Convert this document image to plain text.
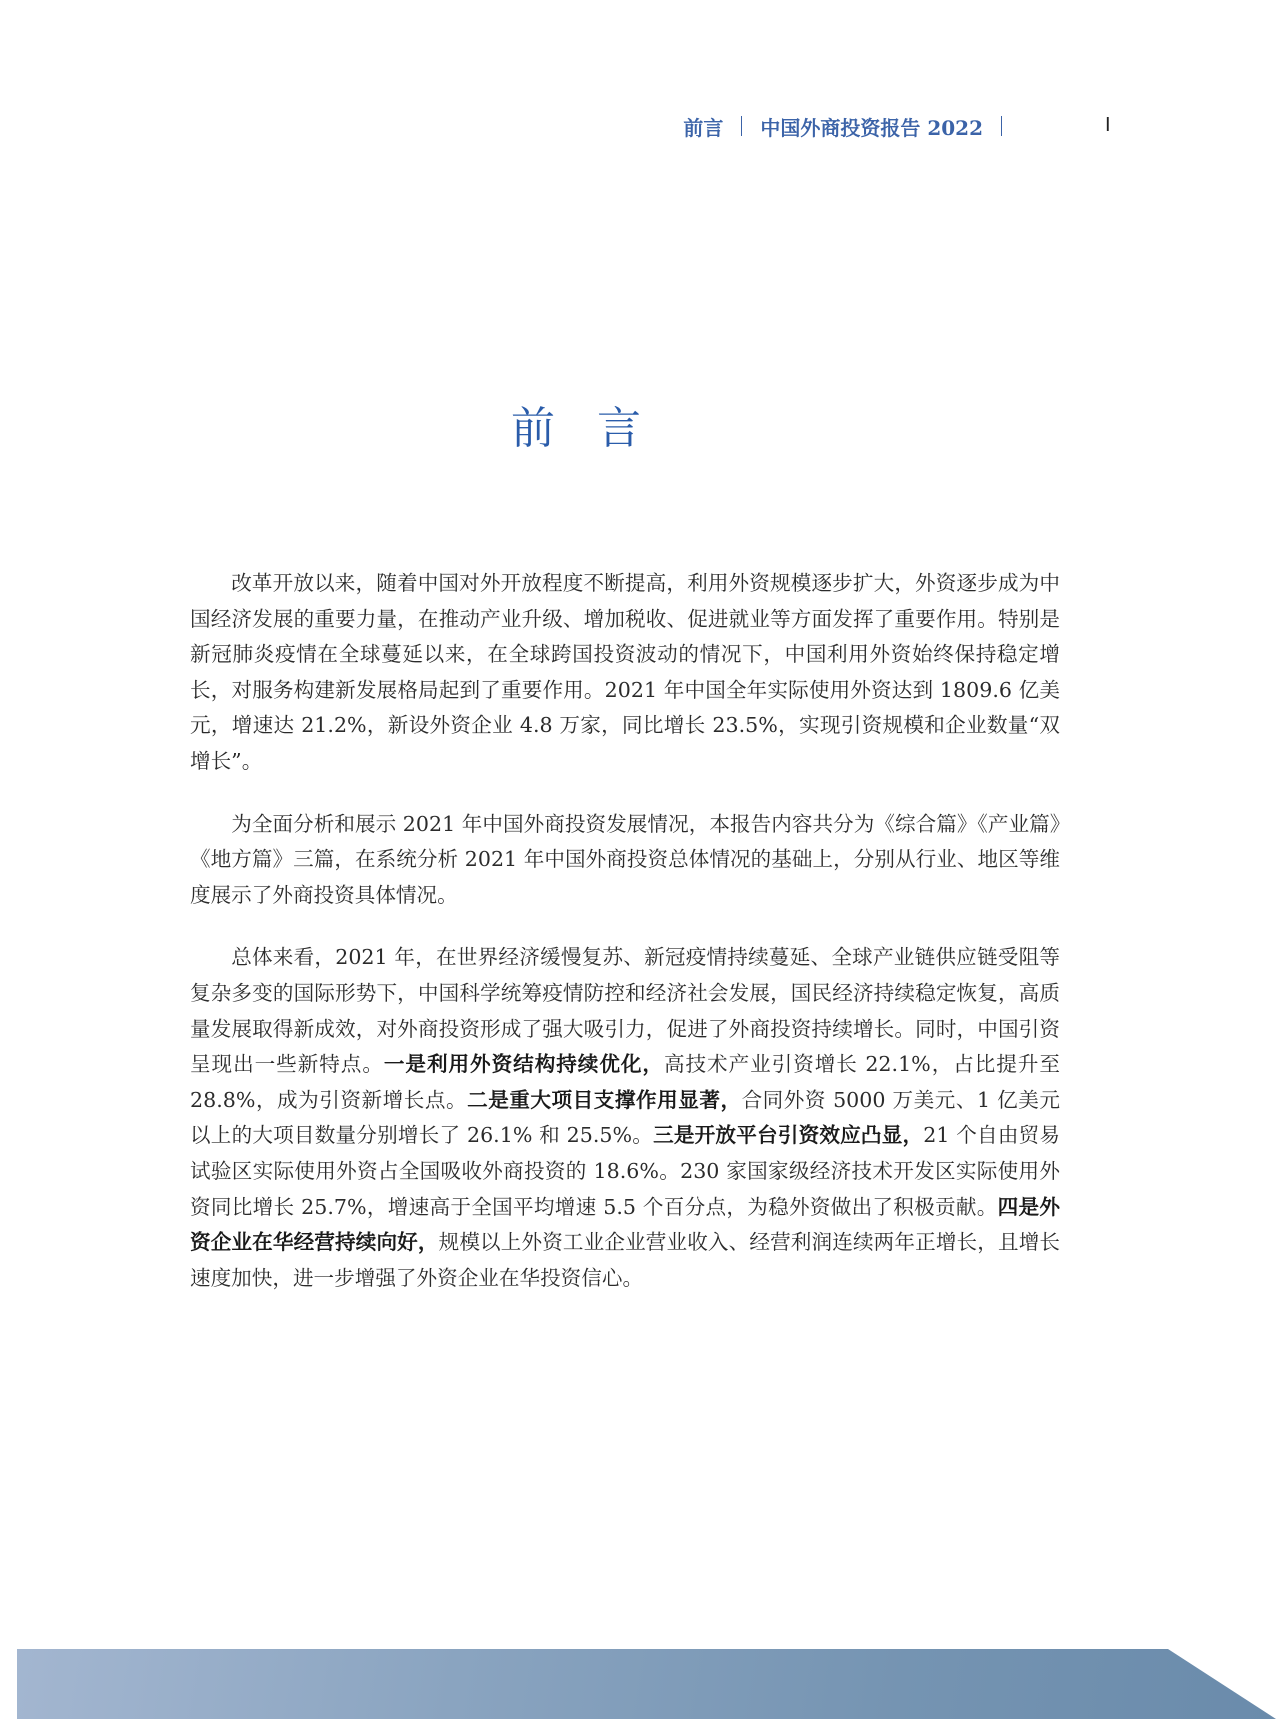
前言 中国外商投资报告 2022	I
前 言

改革开放以来，随着中国对外开放程度不断提高，利用外资规模逐步扩大，外资逐步成为中国经济发展的重要力量，在推动产业升级、增加税收、促进就业等方面发挥了重要作用。特别是新冠肺炎疫情在全球蔓延以来，在全球跨国投资波动的情况下，中国利用外资始终保持稳定增长，对服务构建新发展格局起到了重要作用。2021 年中国全年实际使用外资达到 1809.6 亿美元，增速达 21.2%，新设外资企业 4.8 万家，同比增长 23.5%，实现引资规模和企业数量“双增长”。

为全面分析和展示 2021 年中国外商投资发展情况，本报告内容共分为《综合篇》《产业篇》《地方篇》三篇，在系统分析 2021 年中国外商投资总体情况的基础上，分别从行业、地区等维度展示了外商投资具体情况。

总体来看，2021 年，在世界经济缓慢复苏、新冠疫情持续蔓延、全球产业链供应链受阻等复杂多变的国际形势下，中国科学统筹疫情防控和经济社会发展，国民经济持续稳定恢复，高质量发展取得新成效，对外商投资形成了强大吸引力，促进了外商投资持续增长。同时，中国引资呈现出一些新特点。一是利用外资结构持续优化，高技术产业引资增长 22.1%，占比提升至 28.8%，成为引资新增长点。二是重大项目支撑作用显著，合同外资 5000 万美元、1 亿美元以上的大项目数量分别增长了 26.1% 和 25.5%。三是开放平台引资效应凸显，21 个自由贸易试验区实际使用外资占全国吸收外商投资的 18.6%。230 家国家级经济技术开发区实际使用外资同比增长 25.7%，增速高于全国平均增速 5.5 个百分点，为稳外资做出了积极贡献。四是外资企业在华经营持续向好，规模以上外资工业企业营业收入、经营利润连续两年正增长，且增长速度加快，进一步增强了外资企业在华投资信心。
